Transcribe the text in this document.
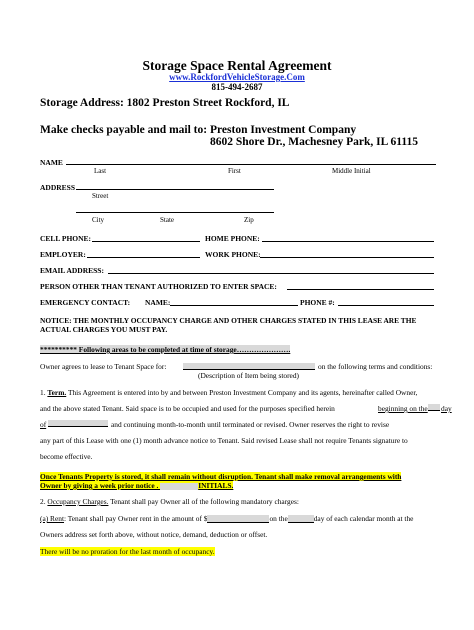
Storage Space Rental Agreement
www.RockfordVehicleStorage.Com
815-494-2687
Storage Address: 1802 Preston Street Rockford, IL
Make checks payable and mail to: Preston Investment Company
8602 Shore Dr., Machesney Park, IL 61115
NAME
Last	First	Middle Initial
ADDRESS
Street
City	State	Zip
CELL PHONE:	HOME PHONE:
EMPLOYER:	WORK PHONE:
EMAIL ADDRESS:
PERSON OTHER THAN TENANT AUTHORIZED TO ENTER SPACE:
EMERGENCY CONTACT: NAME:	PHONE #:
NOTICE: THE MONTHLY OCCUPANCY CHARGE AND OTHER CHARGES STATED IN THIS LEASE ARE THE
ACTUAL CHARGES YOU MUST PAY.
********** Following areas to be completed at time of storage………………….
Owner agrees to lease to Tenant Space for:	on the following terms and conditions:
(Description of Item being stored)
1. Term. This Agreement is entered into by and between Preston Investment Company and its agents, hereinafter called Owner,
and the above stated Tenant. Said space is to be occupied and used for the purposes specified herein	beginning on the day
of	and continuing month-to-month until terminated or revised. Owner reserves the right to revise
any part of this Lease with one (1) month advance notice to Tenant. Said revised Lease shall not require Tenants signature to
become effective.
Once Tenants Property is stored, it shall remain without disruption. Tenant shall make removal arrangements with
Owner by giving a week prior notice .	INITIALS.
2. Occupancy Charges. Tenant shall pay Owner all of the following mandatory charges:
(a) Rent: Tenant shall pay Owner rent in the amount of $	on the	day of each calendar month at the
Owners address set forth above, without notice, demand, deduction or offset.
There will be no proration for the last month of occupancy.
